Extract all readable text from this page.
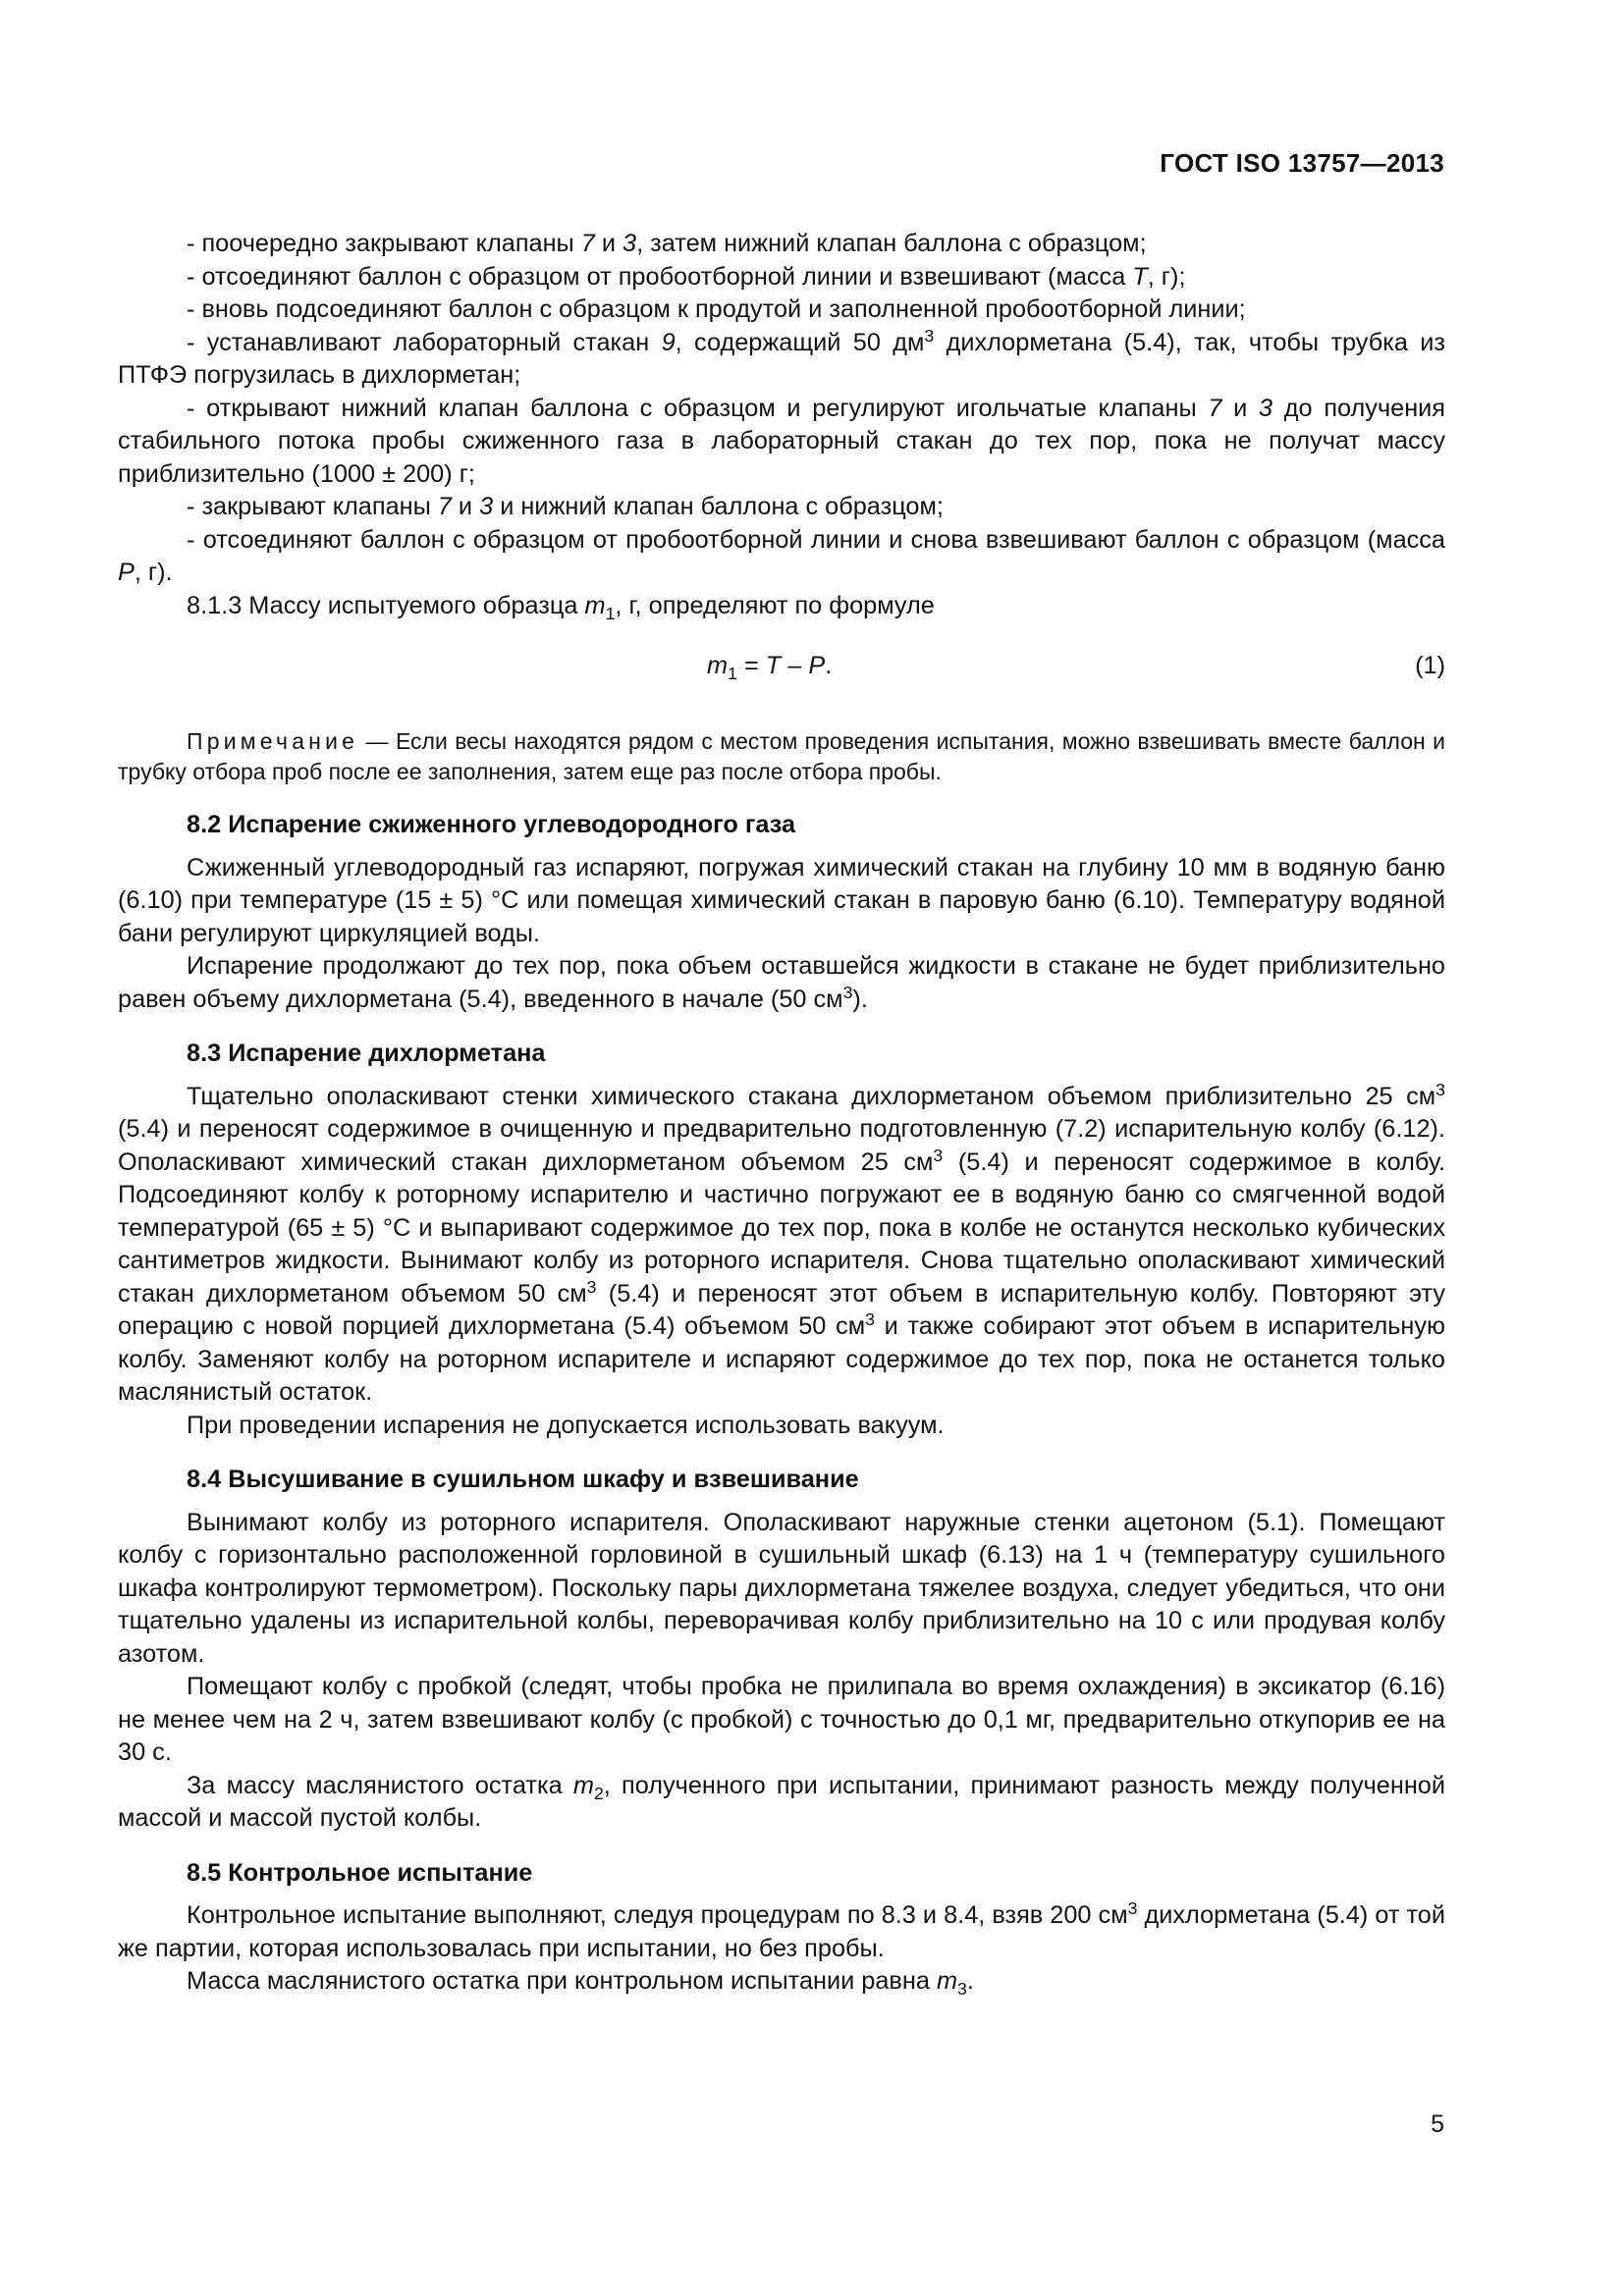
ГОСТ ISO 13757—2013

- поочередно закрывают клапаны 7 и 3, затем нижний клапан баллона с образцом;

- отсоединяют баллон с образцом от пробоотборной линии и взвешивают (масса T, г);

- вновь подсоединяют баллон с образцом к продутой и заполненной пробоотборной линии;

- устанавливают лабораторный стакан 9, содержащий 50 $дм^3$ дихлорметана (5.4), так, чтобы трубка из ПТФЭ погрузилась в дихлорметан;

- открывают нижний клапан баллона с образцом и регулируют игольчатые клапаны 7 и 3 до получения стабильного потока пробы сжиженного газа в лабораторный стакан до тех пор, пока не получат массу приблизительно (1000 ± 200) г;

- закрывают клапаны 7 и 3 и нижний клапан баллона с образцом;

- отсоединяют баллон с образцом от пробоотборной линии и снова взвешивают баллон с образцом (масса P, г).

8.1.3 Массу испытуемого образца $m_1$, г, определяют по формуле

$m_1 = T - P$.	(1)

Примечание — Если весы находятся рядом с местом проведения испытания, можно взвешивать вместе баллон и трубку отбора проб после ее заполнения, затем еще раз после отбора пробы.

8.2 Испарение сжиженного углеводородного газа

Сжиженный углеводородный газ испаряют, погружая химический стакан на глубину 10 мм в водяную баню (6.10) при температуре (15 ± 5) °С или помещая химический стакан в паровую баню (6.10). Температуру водяной бани регулируют циркуляцией воды.

Испарение продолжают до тех пор, пока объем оставшейся жидкости в стакане не будет приблизительно равен объему дихлорметана (5.4), введенного в начале (50 $см^3$).

8.3 Испарение дихлорметана

Тщательно ополаскивают стенки химического стакана дихлорметаном объемом приблизительно 25 $см^3$ (5.4) и переносят содержимое в очищенную и предварительно подготовленную (7.2) испарительную колбу (6.12). Ополаскивают химический стакан дихлорметаном объемом 25 $см^3$ (5.4) и переносят содержимое в колбу. Подсоединяют колбу к роторному испарителю и частично погружают ее в водяную баню со смягченной водой температурой (65 ± 5) °С и выпаривают содержимое до тех пор, пока в колбе не останутся несколько кубических сантиметров жидкости. Вынимают колбу из роторного испарителя. Снова тщательно ополаскивают химический стакан дихлорметаном объемом 50 $см^3$ (5.4) и переносят этот объем в испарительную колбу. Повторяют эту операцию с новой порцией дихлорметана (5.4) объемом 50 $см^3$ и также собирают этот объем в испарительную колбу. Заменяют колбу на роторном испарителе и испаряют содержимое до тех пор, пока не останется только маслянистый остаток.

При проведении испарения не допускается использовать вакуум.

8.4 Высушивание в сушильном шкафу и взвешивание

Вынимают колбу из роторного испарителя. Ополаскивают наружные стенки ацетоном (5.1). Помещают колбу с горизонтально расположенной горловиной в сушильный шкаф (6.13) на 1 ч (температуру сушильного шкафа контролируют термометром). Поскольку пары дихлорметана тяжелее воздуха, следует убедиться, что они тщательно удалены из испарительной колбы, переворачивая колбу приблизительно на 10 с или продувая колбу азотом.

Помещают колбу с пробкой (следят, чтобы пробка не прилипала во время охлаждения) в эксикатор (6.16) не менее чем на 2 ч, затем взвешивают колбу (с пробкой) с точностью до 0,1 мг, предварительно откупорив ее на 30 с.

За массу маслянистого остатка $m_2$, полученного при испытании, принимают разность между полученной массой и массой пустой колбы.

8.5 Контрольное испытание

Контрольное испытание выполняют, следуя процедурам по 8.3 и 8.4, взяв 200 $см^3$ дихлорметана (5.4) от той же партии, которая использовалась при испытании, но без пробы.

Масса маслянистого остатка при контрольном испытании равна $m_3$.

5
